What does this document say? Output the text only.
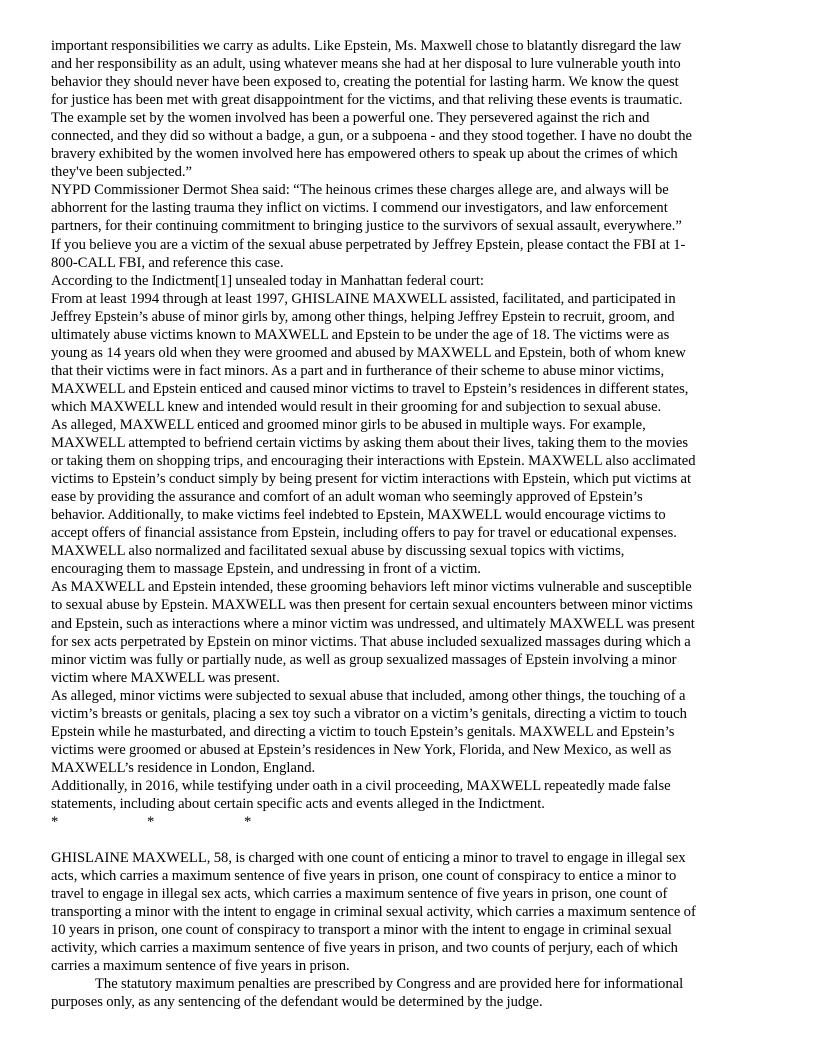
important responsibilities we carry as adults. Like Epstein, Ms. Maxwell chose to blatantly disregard the law
and her responsibility as an adult, using whatever means she had at her disposal to lure vulnerable youth into
behavior they should never have been exposed to, creating the potential for lasting harm. We know the quest
for justice has been met with great disappointment for the victims, and that reliving these events is traumatic.
The example set by the women involved has been a powerful one. They persevered against the rich and
connected, and they did so without a badge, a gun, or a subpoena - and they stood together. I have no doubt the
bravery exhibited by the women involved here has empowered others to speak up about the crimes of which
they've been subjected.”

NYPD Commissioner Dermot Shea said: “The heinous crimes these charges allege are, and always will be
abhorrent for the lasting trauma they inflict on victims. I commend our investigators, and law enforcement
partners, for their continuing commitment to bringing justice to the survivors of sexual assault, everywhere.”

If you believe you are a victim of the sexual abuse perpetrated by Jeffrey Epstein, please contact the FBI at 1-
800-CALL FBI, and reference this case.

According to the Indictment[1] unsealed today in Manhattan federal court:

From at least 1994 through at least 1997, GHISLAINE MAXWELL assisted, facilitated, and participated in
Jeffrey Epstein’s abuse of minor girls by, among other things, helping Jeffrey Epstein to recruit, groom, and
ultimately abuse victims known to MAXWELL and Epstein to be under the age of 18. The victims were as
young as 14 years old when they were groomed and abused by MAXWELL and Epstein, both of whom knew
that their victims were in fact minors. As a part and in furtherance of their scheme to abuse minor victims,
MAXWELL and Epstein enticed and caused minor victims to travel to Epstein’s residences in different states,
which MAXWELL knew and intended would result in their grooming for and subjection to sexual abuse.

As alleged, MAXWELL enticed and groomed minor girls to be abused in multiple ways. For example,
MAXWELL attempted to befriend certain victims by asking them about their lives, taking them to the movies
or taking them on shopping trips, and encouraging their interactions with Epstein. MAXWELL also acclimated
victims to Epstein’s conduct simply by being present for victim interactions with Epstein, which put victims at
ease by providing the assurance and comfort of an adult woman who seemingly approved of Epstein’s
behavior. Additionally, to make victims feel indebted to Epstein, MAXWELL would encourage victims to
accept offers of financial assistance from Epstein, including offers to pay for travel or educational expenses.
MAXWELL also normalized and facilitated sexual abuse by discussing sexual topics with victims,
encouraging them to massage Epstein, and undressing in front of a victim.

As MAXWELL and Epstein intended, these grooming behaviors left minor victims vulnerable and susceptible
to sexual abuse by Epstein. MAXWELL was then present for certain sexual encounters between minor victims
and Epstein, such as interactions where a minor victim was undressed, and ultimately MAXWELL was present
for sex acts perpetrated by Epstein on minor victims. That abuse included sexualized massages during which a
minor victim was fully or partially nude, as well as group sexualized massages of Epstein involving a minor
victim where MAXWELL was present.

As alleged, minor victims were subjected to sexual abuse that included, among other things, the touching of a
victim’s breasts or genitals, placing a sex toy such a vibrator on a victim’s genitals, directing a victim to touch
Epstein while he masturbated, and directing a victim to touch Epstein’s genitals. MAXWELL and Epstein’s
victims were groomed or abused at Epstein’s residences in New York, Florida, and New Mexico, as well as
MAXWELL’s residence in London, England.

Additionally, in 2016, while testifying under oath in a civil proceeding, MAXWELL repeatedly made false
statements, including about certain specific acts and events alleged in the Indictment.

*	*	*

GHISLAINE MAXWELL, 58, is charged with one count of enticing a minor to travel to engage in illegal sex
acts, which carries a maximum sentence of five years in prison, one count of conspiracy to entice a minor to
travel to engage in illegal sex acts, which carries a maximum sentence of five years in prison, one count of
transporting a minor with the intent to engage in criminal sexual activity, which carries a maximum sentence of
10 years in prison, one count of conspiracy to transport a minor with the intent to engage in criminal sexual
activity, which carries a maximum sentence of five years in prison, and two counts of perjury, each of which
carries a maximum sentence of five years in prison.

The statutory maximum penalties are prescribed by Congress and are provided here for informational
purposes only, as any sentencing of the defendant would be determined by the judge.
